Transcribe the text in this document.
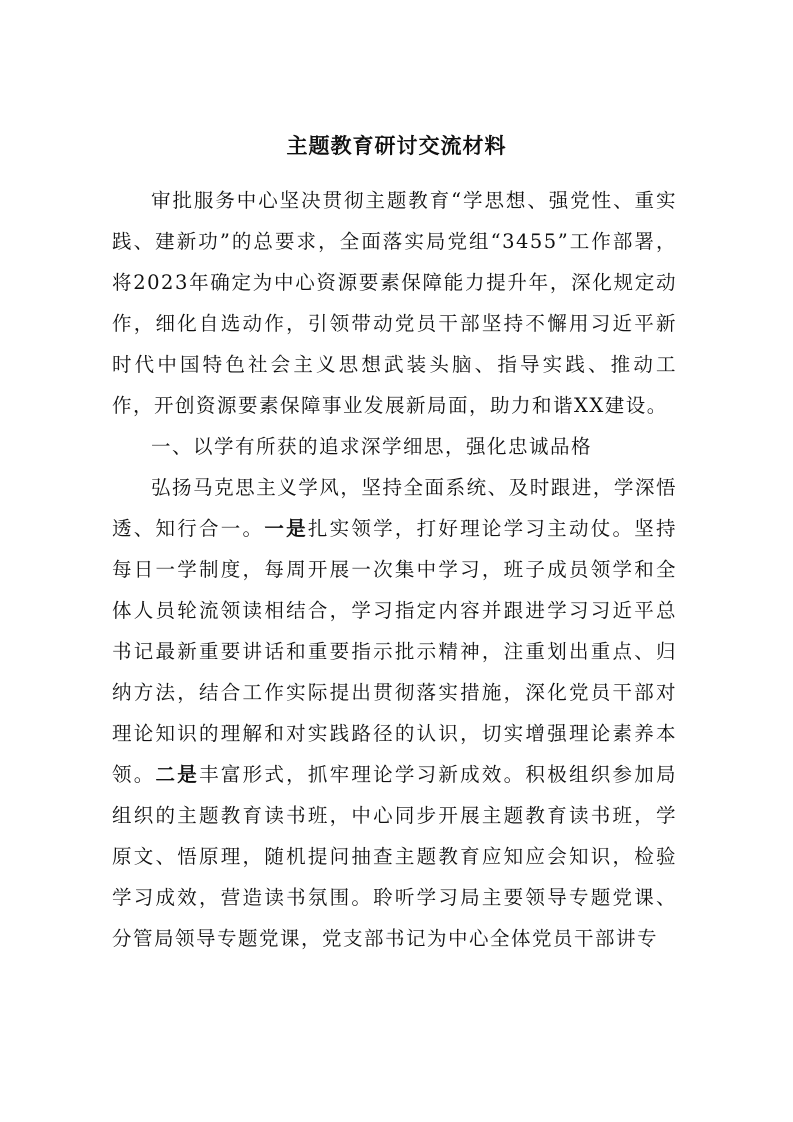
主题教育研讨交流材料

审批服务中心坚决贯彻主题教育“学思想、强党性、重实践、建新功”的总要求，全面落实局党组“3455”工作部署，将2023年确定为中心资源要素保障能力提升年，深化规定动作，细化自选动作，引领带动党员干部坚持不懈用习近平新时代中国特色社会主义思想武装头脑、指导实践、推动工作，开创资源要素保障事业发展新局面，助力和谐XX建设。

一、以学有所获的追求深学细思，强化忠诚品格

弘扬马克思主义学风，坚持全面系统、及时跟进，学深悟透、知行合一。一是扎实领学，打好理论学习主动仗。坚持每日一学制度，每周开展一次集中学习，班子成员领学和全体人员轮流领读相结合，学习指定内容并跟进学习习近平总书记最新重要讲话和重要指示批示精神，注重划出重点、归纳方法，结合工作实际提出贯彻落实措施，深化党员干部对理论知识的理解和对实践路径的认识，切实增强理论素养本领。二是丰富形式，抓牢理论学习新成效。积极组织参加局组织的主题教育读书班，中心同步开展主题教育读书班，学原文、悟原理，随机提问抽查主题教育应知应会知识，检验学习成效，营造读书氛围。聆听学习局主要领导专题党课、分管局领导专题党课，党支部书记为中心全体党员干部讲专
